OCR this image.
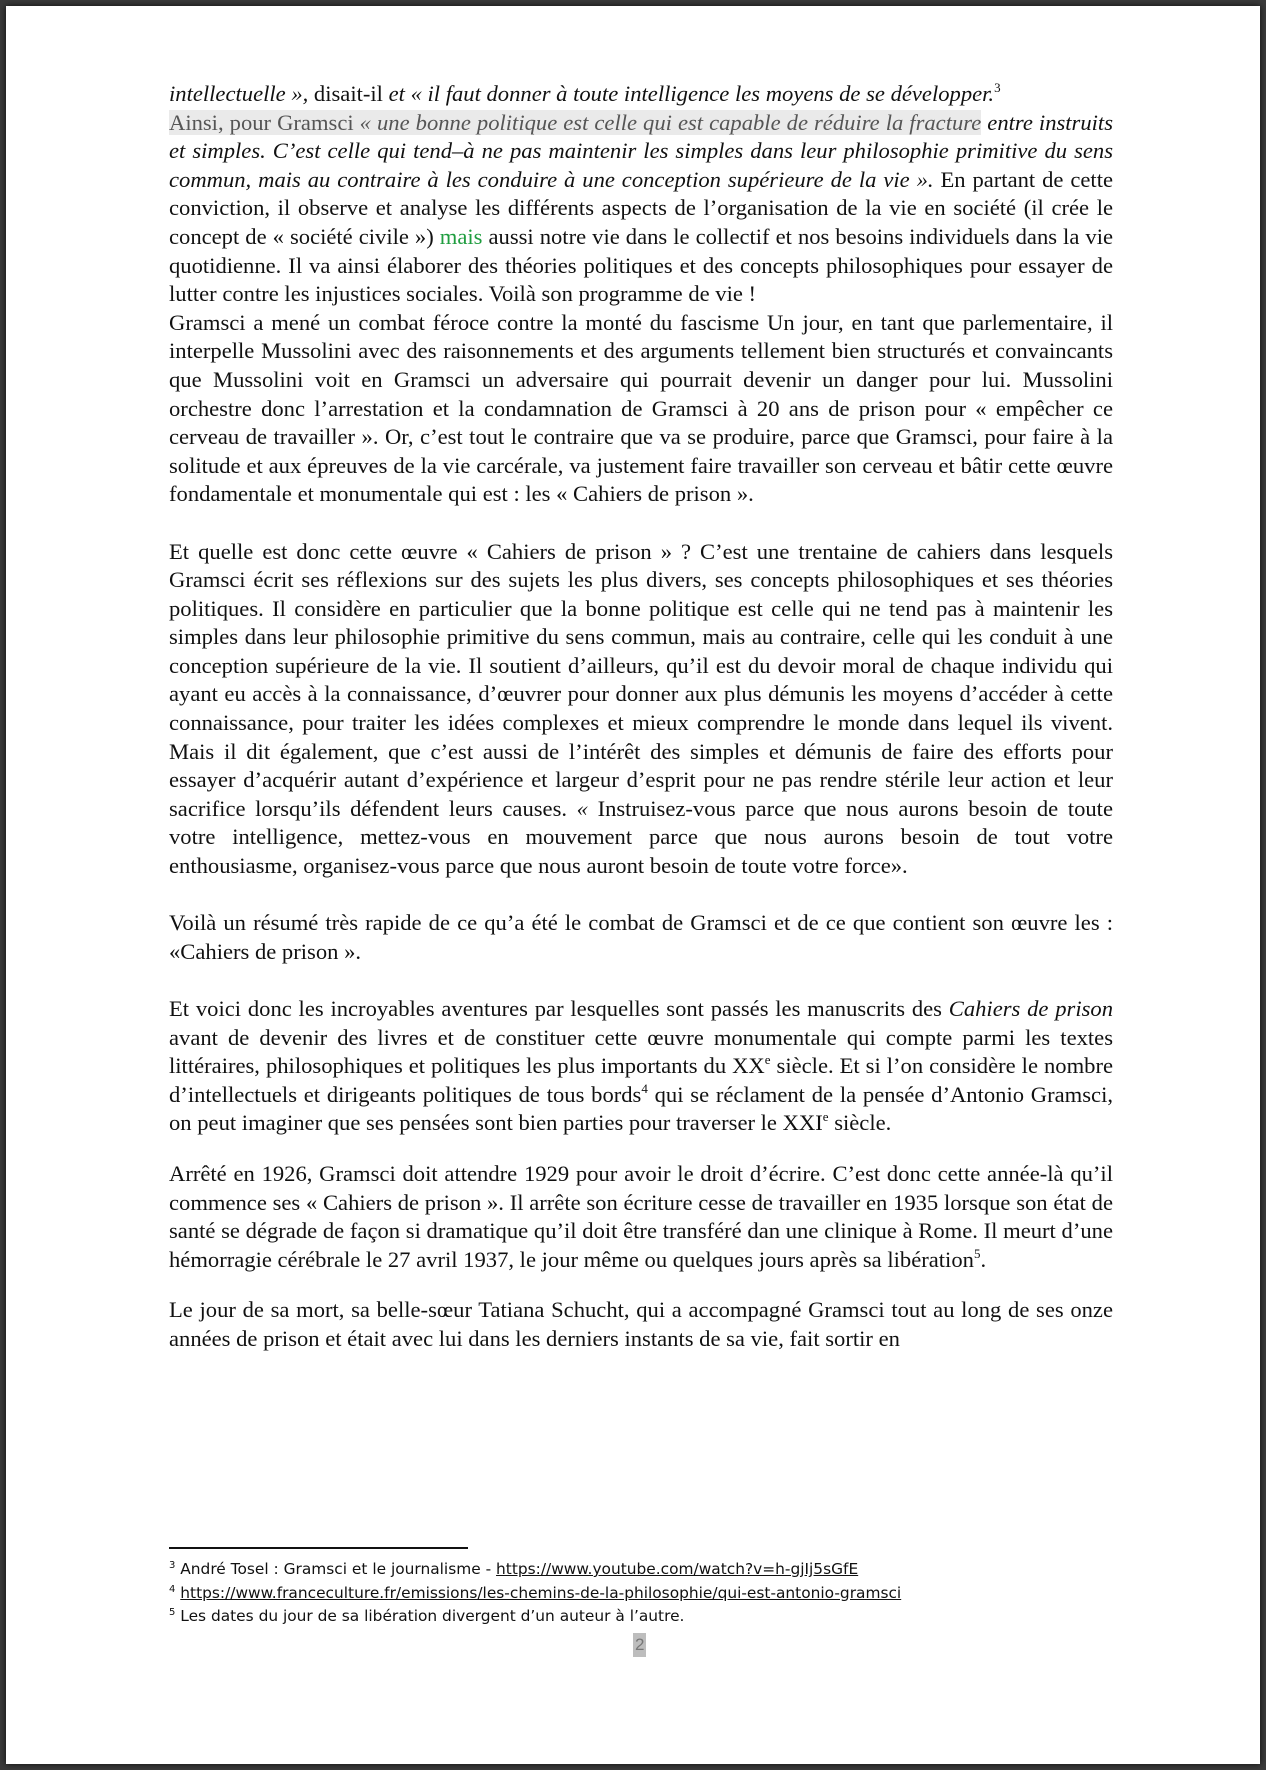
intellectuelle », disait-il et « il faut donner à toute intelligence les moyens de se développer.$^3$

Ainsi, pour Gramsci « une bonne politique est celle qui est capable de réduire la fracture entre instruits et simples. C’est celle qui tend–à ne pas maintenir les simples dans leur philosophie primitive du sens commun, mais au contraire à les conduire à une conception supérieure de la vie ». En partant de cette conviction, il observe et analyse les différents aspects de l’organisation de la vie en société (il crée le concept de « société civile ») mais aussi notre vie dans le collectif et nos besoins individuels dans la vie quotidienne. Il va ainsi élaborer des théories politiques et des concepts philosophiques pour essayer de lutter contre les injustices sociales. Voilà son programme de vie !

Gramsci a mené un combat féroce contre la monté du fascisme Un jour, en tant que parlementaire, il interpelle Mussolini avec des raisonnements et des arguments tellement bien structurés et convaincants que Mussolini voit en Gramsci un adversaire qui pourrait devenir un danger pour lui. Mussolini orchestre donc l’arrestation et la condamnation de Gramsci à 20 ans de prison pour « empêcher ce cerveau de travailler ». Or, c’est tout le contraire que va se produire, parce que Gramsci, pour faire à la solitude et aux épreuves de la vie carcérale, va justement faire travailler son cerveau et bâtir cette œuvre fondamentale et monumentale qui est : les « Cahiers de prison ».

Et quelle est donc cette œuvre « Cahiers de prison » ? C’est une trentaine de cahiers dans lesquels Gramsci écrit ses réflexions sur des sujets les plus divers, ses concepts philosophiques et ses théories politiques. Il considère en particulier que la bonne politique est celle qui ne tend pas à maintenir les simples dans leur philosophie primitive du sens commun, mais au contraire, celle qui les conduit à une conception supérieure de la vie. Il soutient d’ailleurs, qu’il est du devoir moral de chaque individu qui ayant eu accès à la connaissance, d’œuvrer pour donner aux plus démunis les moyens d’accéder à cette connaissance, pour traiter les idées complexes et mieux comprendre le monde dans lequel ils vivent. Mais il dit également, que c’est aussi de l’intérêt des simples et démunis de faire des efforts pour essayer d’acquérir autant d’expérience et largeur d’esprit pour ne pas rendre stérile leur action et leur sacrifice lorsqu’ils défendent leurs causes. « Instruisez-vous parce que nous aurons besoin de toute votre intelligence, mettez-vous en mouvement parce que nous aurons besoin de tout votre enthousiasme, organisez-vous parce que nous auront besoin de toute votre force».

Voilà un résumé très rapide de ce qu’a été le combat de Gramsci et de ce que contient son œuvre les : «Cahiers de prison ».

Et voici donc les incroyables aventures par lesquelles sont passés les manuscrits des Cahiers de prison avant de devenir des livres et de constituer cette œuvre monumentale qui compte parmi les textes littéraires, philosophiques et politiques les plus importants du XXe siècle. Et si l’on considère le nombre d’intellectuels et dirigeants politiques de tous bords$^4$ qui se réclament de la pensée d’Antonio Gramsci, on peut imaginer que ses pensées sont bien parties pour traverser le XXIe siècle.

Arrêté en 1926, Gramsci doit attendre 1929 pour avoir le droit d’écrire. C’est donc cette année-là qu’il commence ses « Cahiers de prison ». Il arrête son écriture cesse de travailler en 1935 lorsque son état de santé se dégrade de façon si dramatique qu’il doit être transféré dan une clinique à Rome. Il meurt d’une hémorragie cérébrale le 27 avril 1937, le jour même ou quelques jours après sa libération$^5$.

Le jour de sa mort, sa belle-sœur Tatiana Schucht, qui a accompagné Gramsci tout au long de ses onze années de prison et était avec lui dans les derniers instants de sa vie, fait sortir en

$^3$ André Tosel : Gramsci et le journalisme - https://www.youtube.com/watch?v=h-gjIj5sGfE
$^4$ https://www.franceculture.fr/emissions/les-chemins-de-la-philosophie/qui-est-antonio-gramsci
$^5$ Les dates du jour de sa libération divergent d’un auteur à l’autre.
2
